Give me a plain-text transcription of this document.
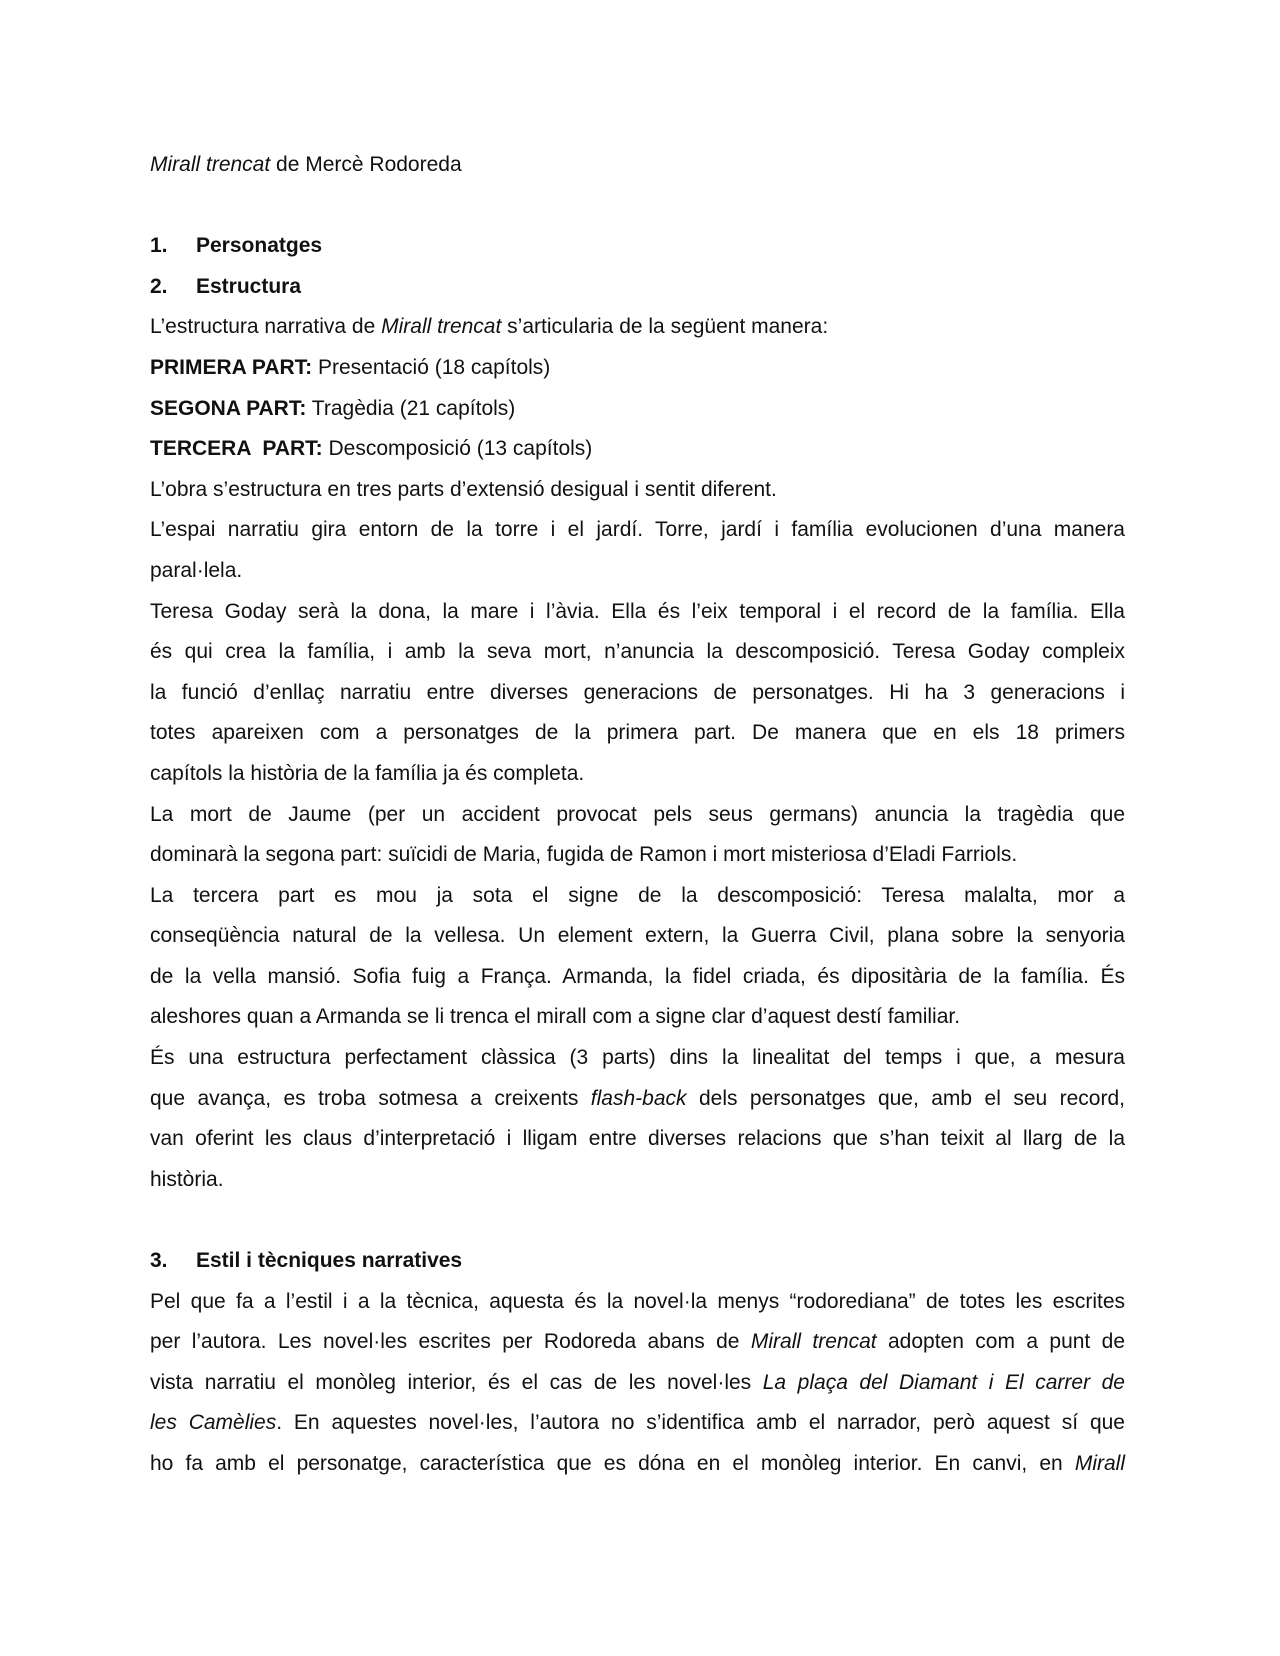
Mirall trencat de Mercè Rodoreda
1. Personatges
2. Estructura
L’estructura narrativa de Mirall trencat s’articularia de la següent manera:
PRIMERA PART: Presentació (18 capítols)
SEGONA PART: Tragèdia (21 capítols)
TERCERA  PART: Descomposició (13 capítols)
L’obra s’estructura en tres parts d’extensió desigual i sentit diferent.
L’espai narratiu gira entorn de la torre i el jardí. Torre, jardí i família evolucionen d’una manera
paral·lela.
Teresa Goday serà la dona, la mare i l’àvia. Ella és l’eix temporal i el record de la família. Ella
és qui crea la família, i amb la seva mort, n’anuncia la descomposició. Teresa Goday compleix
la funció d’enllaç narratiu entre diverses generacions de personatges. Hi ha 3 generacions i
totes apareixen com a personatges de la primera part. De manera que en els 18 primers
capítols la història de la família ja és completa.
La mort de Jaume (per un accident provocat pels seus germans) anuncia la tragèdia que
dominarà la segona part: suïcidi de Maria, fugida de Ramon i mort misteriosa d’Eladi Farriols.
La tercera part es mou ja sota el signe de la descomposició: Teresa malalta, mor a
conseqüència natural de la vellesa. Un element extern, la Guerra Civil, plana sobre la senyoria
de la vella mansió. Sofia fuig a França. Armanda, la fidel criada, és dipositària de la família. És
aleshores quan a Armanda se li trenca el mirall com a signe clar d’aquest destí familiar.
És una estructura perfectament clàssica (3 parts) dins la linealitat del temps i que, a mesura
que avança, es troba sotmesa a creixents flash-back dels personatges que, amb el seu record,
van oferint les claus d’interpretació i lligam entre diverses relacions que s’han teixit al llarg de la
història.
3. Estil i tècniques narratives
Pel que fa a l’estil i a la tècnica, aquesta és la novel·la menys “rodorediana” de totes les escrites
per l’autora. Les novel·les escrites per Rodoreda abans de Mirall trencat adopten com a punt de
vista narratiu el monòleg interior, és el cas de les novel·les La plaça del Diamant i El carrer de
les Camèlies. En aquestes novel·les, l’autora no s’identifica amb el narrador, però aquest sí que
ho fa amb el personatge, característica que es dóna en el monòleg interior. En canvi, en Mirall
